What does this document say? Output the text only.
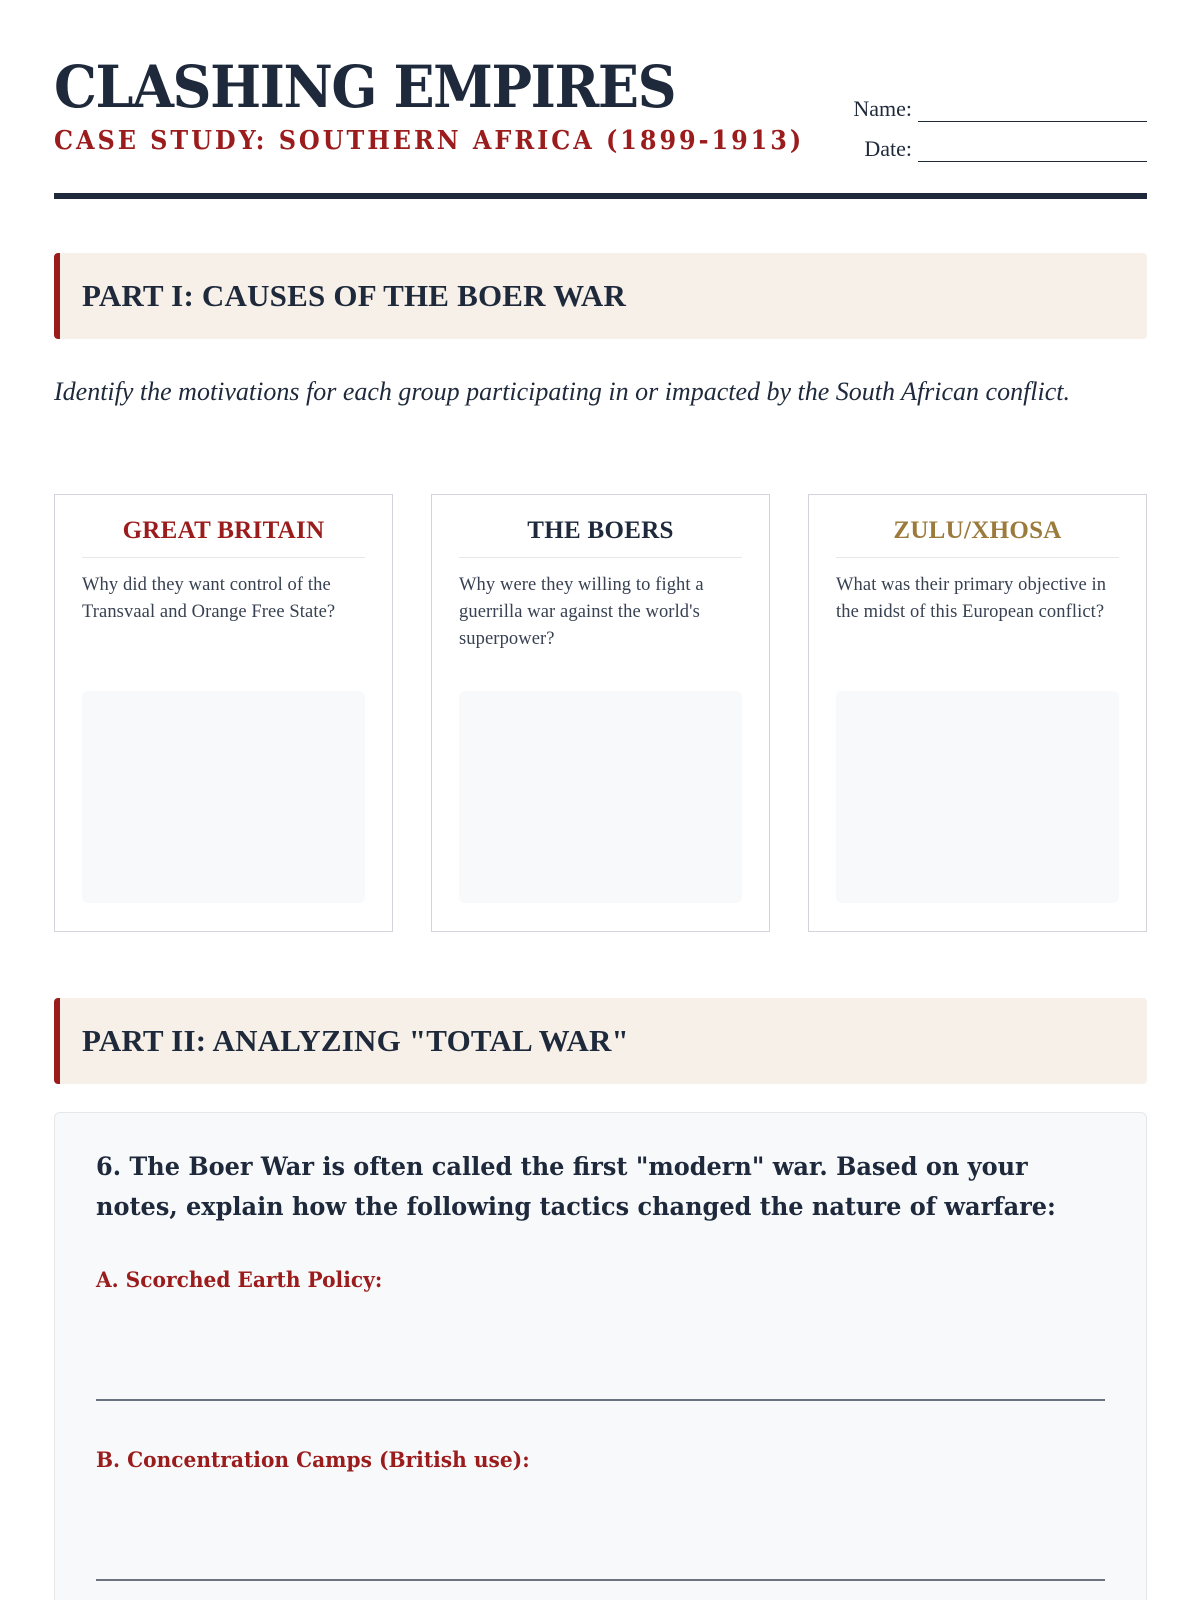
CLASHING EMPIRES
CASE STUDY: SOUTHERN AFRICA (1899-1913)
Name:
Date:
PART I: CAUSES OF THE BOER WAR
Identify the motivations for each group participating in or impacted by the South African conflict.
GREAT BRITAIN

Why did they want control of the Transvaal and Orange Free State?

THE BOERS

Why were they willing to fight a guerrilla war against the world's superpower?

ZULU/XHOSA

What was their primary objective in the midst of this European conflict?

PART II: ANALYZING "TOTAL WAR"
6. The Boer War is often called the first "modern" war. Based on your notes, explain how the following tactics changed the nature of warfare:
A. Scorched Earth Policy:
B. Concentration Camps (British use):
